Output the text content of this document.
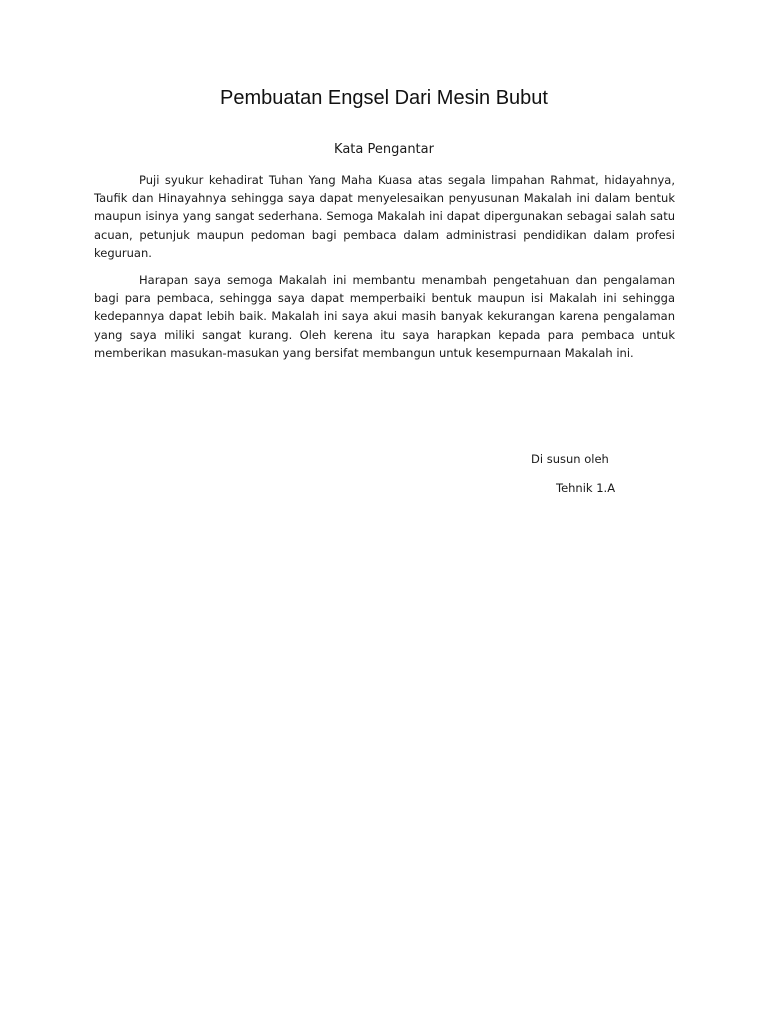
Pembuatan Engsel Dari Mesin Bubut
Kata Pengantar

Puji syukur kehadirat Tuhan Yang Maha Kuasa atas segala limpahan Rahmat, hidayahnya, Taufik dan Hinayahnya sehingga saya dapat menyelesaikan penyusunan Makalah ini dalam bentuk maupun isinya yang sangat sederhana. Semoga Makalah ini dapat dipergunakan sebagai salah satu acuan, petunjuk maupun pedoman bagi pembaca dalam administrasi pendidikan dalam profesi keguruan.

Harapan saya semoga Makalah ini membantu menambah pengetahuan dan pengalaman bagi para pembaca, sehingga saya dapat memperbaiki bentuk maupun isi Makalah ini sehingga kedepannya dapat lebih baik. Makalah ini saya akui masih banyak kekurangan karena pengalaman yang saya miliki sangat kurang. Oleh kerena itu saya harapkan kepada para pembaca untuk memberikan masukan-masukan yang bersifat membangun untuk kesempurnaan Makalah ini.

Di susun oleh

Tehnik 1.A
